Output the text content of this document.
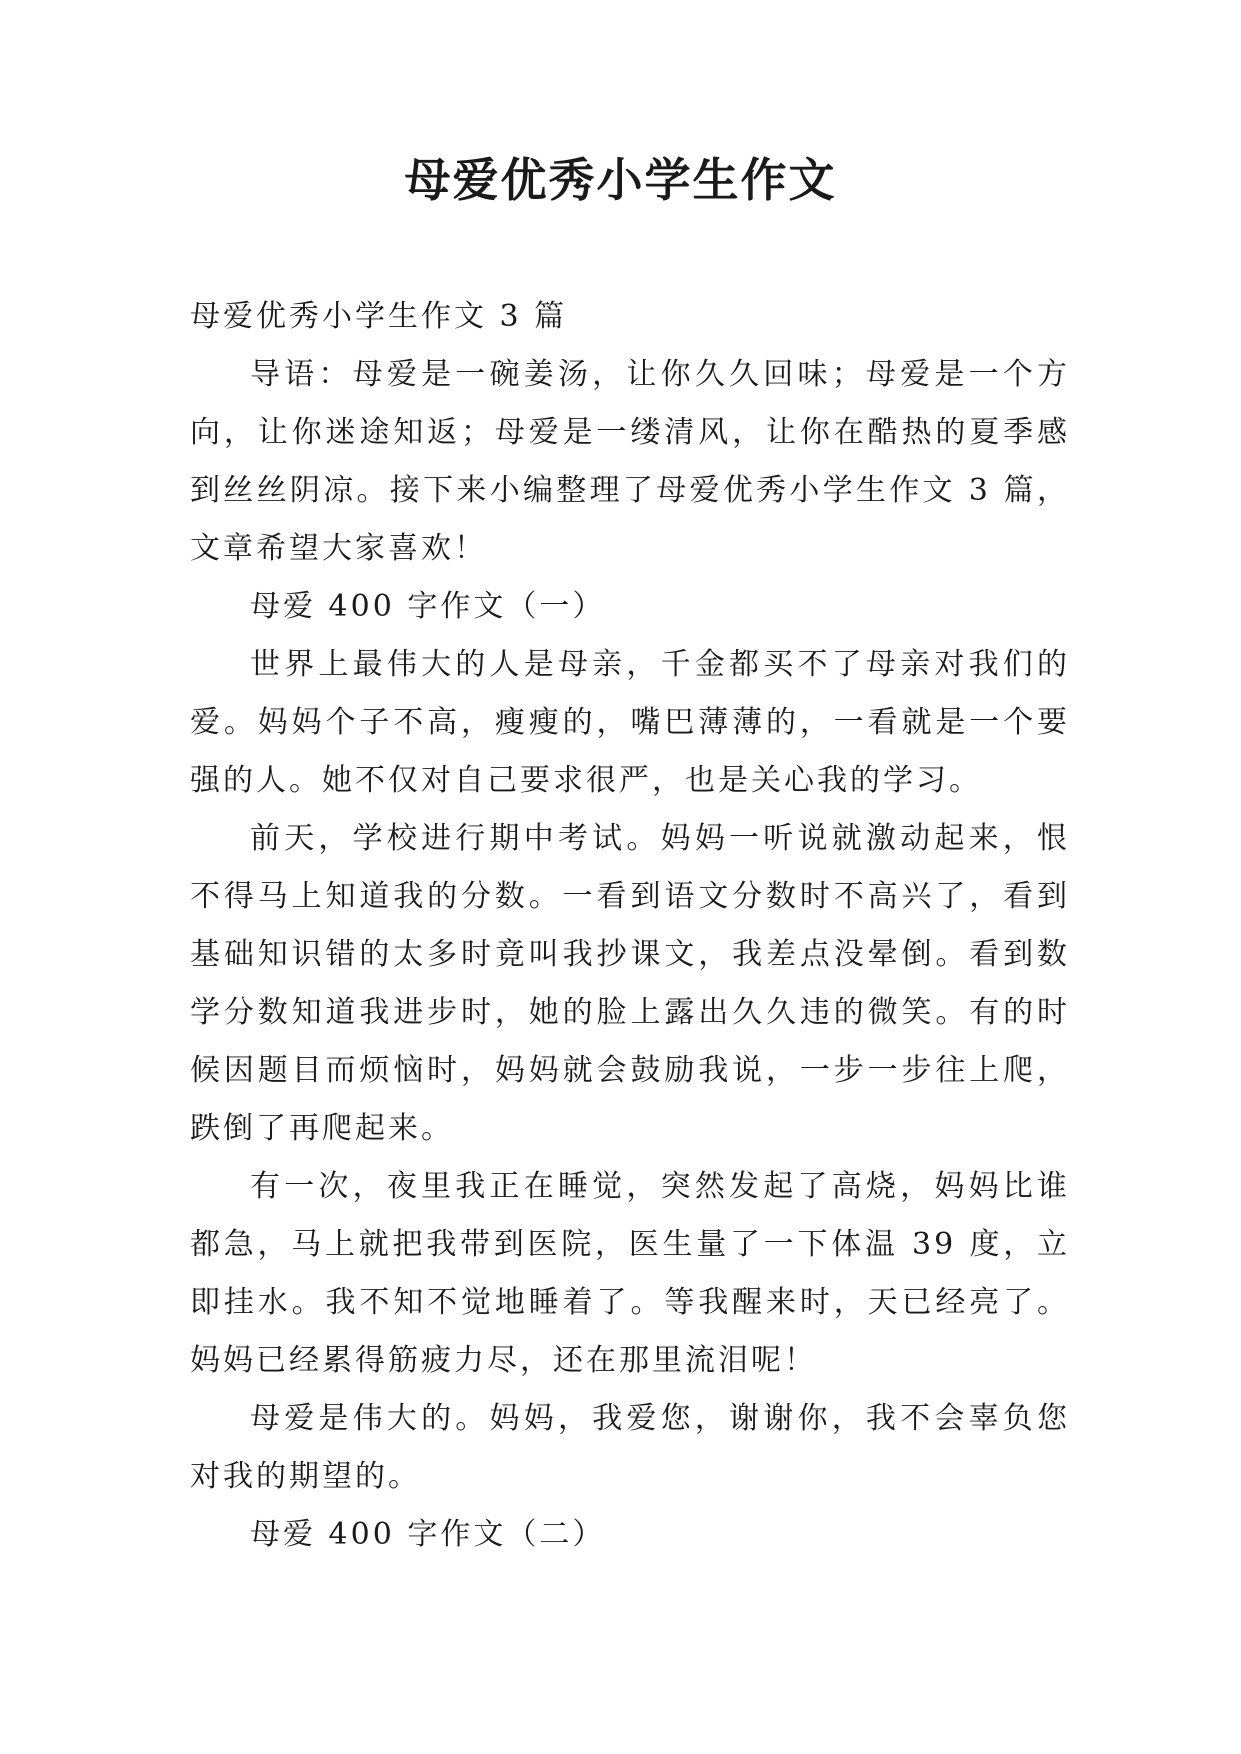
母爱优秀小学生作文

母爱优秀小学生作文 3 篇

导语：母爱是一碗姜汤，让你久久回味；母爱是一个方向，让你迷途知返；母爱是一缕清风，让你在酷热的夏季感到丝丝阴凉。接下来小编整理了母爱优秀小学生作文 3 篇，文章希望大家喜欢！

母爱 400 字作文（一）

世界上最伟大的人是母亲，千金都买不了母亲对我们的爱。妈妈个子不高，瘦瘦的，嘴巴薄薄的，一看就是一个要强的人。她不仅对自己要求很严，也是关心我的学习。

前天，学校进行期中考试。妈妈一听说就激动起来，恨不得马上知道我的分数。一看到语文分数时不高兴了，看到基础知识错的太多时竟叫我抄课文，我差点没晕倒。看到数学分数知道我进步时，她的脸上露出久久违的微笑。有的时候因题目而烦恼时，妈妈就会鼓励我说，一步一步往上爬，跌倒了再爬起来。

有一次，夜里我正在睡觉，突然发起了高烧，妈妈比谁都急，马上就把我带到医院，医生量了一下体温 39 度，立即挂水。我不知不觉地睡着了。等我醒来时，天已经亮了。妈妈已经累得筋疲力尽，还在那里流泪呢！

母爱是伟大的。妈妈，我爱您，谢谢你，我不会辜负您对我的期望的。

母爱 400 字作文（二）
